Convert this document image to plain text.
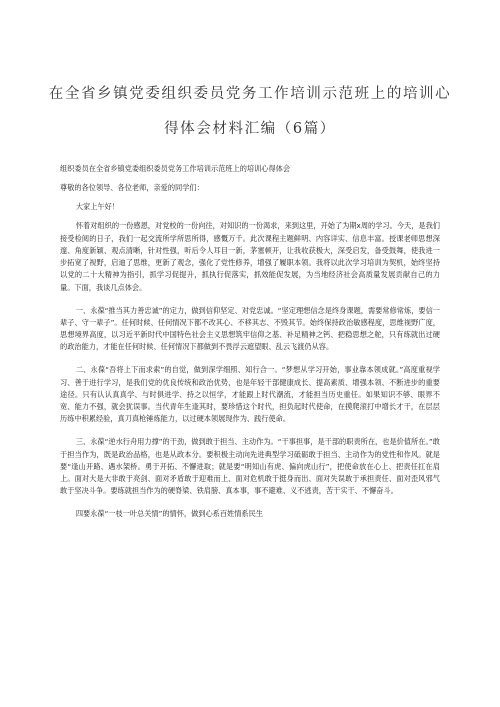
在全省乡镇党委组织委员党务工作培训示范班上的培训心
得体会材料汇编（6篇）

组织委员在全省乡镇党委组织委员党务工作培训示范班上的培训心得体会

尊敬的各位领导、各位老师，亲爱的同学们：

大家上午好！

怀着对组织的一份感恩，对党校的一份向往，对知识的一份渴求，来到这里，开始了为期x周的学习。今天，是我们接受检阅的日子，我们一起交流所学所思所得，感慨万千。此次课程主题鲜明、内容详实、信息丰富。授课老师思想深邃、角度新颖、观点清晰，针对性强，听后令人耳目一新，茅塞顿开，让我收获极大，深受启发，备受鼓舞，使我进一步拓宽了视野，启迪了思维，更新了观念，强化了党性修养，增强了履职本领。我将以此次学习培训为契机，始终坚持以党的二十大精神为指引，抓学习促提升，抓执行促落实，抓效能促发展，为当地经济社会高质量发展贡献自己的力量。下面，我谈几点体会。

一、永葆“推当其力善忠诚”的定力，做到信仰坚定、对党忠诚。“坚定理想信念是终身课题，需要常修常炼，要信一辈子、守一辈子”。任何时候、任何情况下都不改其心、不移其志、不毁其节。始终保持政治敏感程度，思维视野广度，思想境界高度，以习近平新时代中国特色社会主义思想筑牢信仰之基、补足精神之钙、把稳思想之舵，只有练就出过硬的政治能力，才能在任何时候、任何情况下都做到不畏浮云遮望眼、乱云飞渡仍从容。

二、永葆“吾将上下而求索”的自觉，做到深学细照、知行合一。“梦想从学习开始，事业靠本领成就。”高度重视学习、善于进行学习，是我们党的优良传统和政治优势，也是年轻干部健康成长、提高素质、增强本领、不断进步的重要途径。只有认认真真学、与时俱进学、持之以恒学，才能跟上时代潮流，才能担当历史重任。如果知识不够、眼界不宽、能力不强，就会犹误事。当代青年生逢其时，要珍惜这个时代，担负起时代使命，在摸爬滚打中增长才干，在层层历练中积累经验，真刀真枪锤炼能力，以过硬本领展现作为、践行使命。

三、永葆“逆水行舟用力撑”的干劲，做到敢于担当、主动作为。“干事担事，是干部的职责所在，也是价值所在。”敢于担当作为，既是政治品格，也是从政本分。要积极主动向先进典型学习砥砺敢于担当、主动作为的党性和作风。就是要“逢山开路、遇水架桥。勇于开拓、不懈进取；就是要“明知山有虎、偏向虎山行”，把使命放在心上、把责任扛在肩上。面对大是大非敢于亮剑、面对矛盾敢于迎难而上、面对危机敢于挺身而出、面对失误敢于承担责任、面对歪风邪气敢于坚决斗争。要练就担当作为的硬脊梁、铁肩膀、真本事，事不避难、义不逃责，苦干实干、不懈奋斗。

四要永葆“一枝一叶总关情”的情怀，做到心系百姓情系民生
